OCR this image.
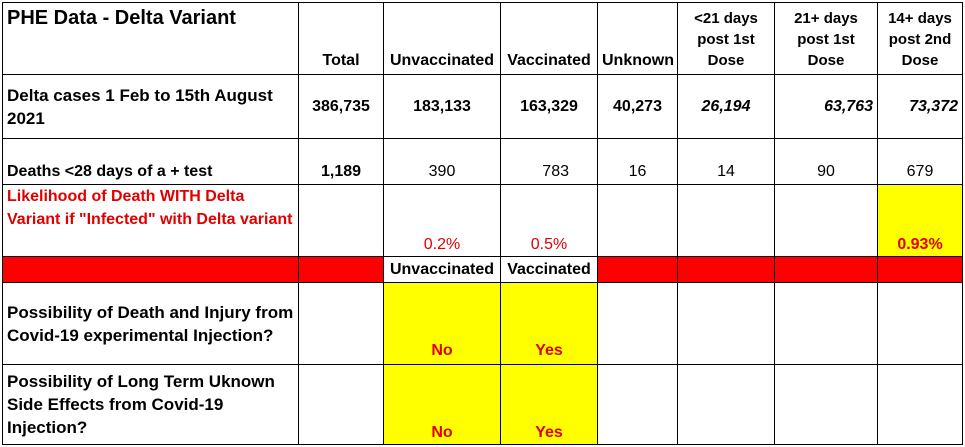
PHE Data - Delta Variant	Total	Unvaccinated	Vaccinated	Unknown	<21 days post 1st Dose	21+ days post 1st Dose	14+ days post 2nd Dose
Delta cases 1 Feb to 15th August 2021	386,735	183,133	163,329	40,273	26,194	63,763	73,372
Deaths <28 days of a + test	1,189	390	783	16	14	90	679
Likelihood of Death WITH Delta Variant if "Infected" with Delta variant		0.2%	0.5%				0.93%
		Unvaccinated	Vaccinated				
Possibility of Death and Injury from Covid-19 experimental Injection?		No	Yes				
Possibility of Long Term Uknown Side Effects from Covid-19 Injection?		No	Yes				
